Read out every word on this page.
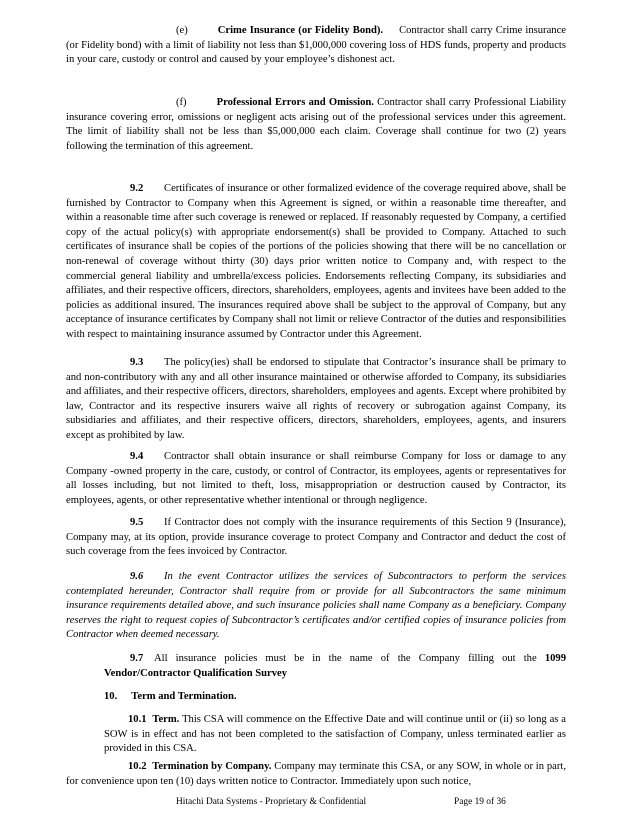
(e)	Crime Insurance (or Fidelity Bond). Contractor shall carry Crime insurance (or Fidelity bond) with a limit of liability not less than $1,000,000 covering loss of HDS funds, property and products in your care, custody or control and caused by your employee’s dishonest act.

(f)	Professional Errors and Omission. Contractor shall carry Professional Liability insurance covering error, omissions or negligent acts arising out of the professional services under this agreement. The limit of liability shall not be less than $5,000,000 each claim. Coverage shall continue for two (2) years following the termination of this agreement.

9.2 Certificates of insurance or other formalized evidence of the coverage required above, shall be furnished by Contractor to Company when this Agreement is signed, or within a reasonable time thereafter, and within a reasonable time after such coverage is renewed or replaced. If reasonably requested by Company, a certified copy of the actual policy(s) with appropriate endorsement(s) shall be provided to Company. Attached to such certificates of insurance shall be copies of the portions of the policies showing that there will be no cancellation or non-renewal of coverage without thirty (30) days prior written notice to Company and, with respect to the commercial general liability and umbrella/excess policies. Endorsements reflecting Company, its subsidiaries and affiliates, and their respective officers, directors, shareholders, employees, agents and invitees have been added to the policies as additional insured. The insurances required above shall be subject to the approval of Company, but any acceptance of insurance certificates by Company shall not limit or relieve Contractor of the duties and responsibilities with respect to maintaining insurance assumed by Contractor under this Agreement.

9.3 The policy(ies) shall be endorsed to stipulate that Contractor’s insurance shall be primary to and non-contributory with any and all other insurance maintained or otherwise afforded to Company, its subsidiaries and affiliates, and their respective officers, directors, shareholders, employees and agents. Except where prohibited by law, Contractor and its respective insurers waive all rights of recovery or subrogation against Company, its subsidiaries and affiliates, and their respective officers, directors, shareholders, employees, agents, and insurers except as prohibited by law.

9.4 Contractor shall obtain insurance or shall reimburse Company for loss or damage to any Company -owned property in the care, custody, or control of Contractor, its employees, agents or representatives for all losses including, but not limited to theft, loss, misappropriation or destruction caused by Contractor, its employees, agents, or other representative whether intentional or through negligence.

9.5 If Contractor does not comply with the insurance requirements of this Section 9 (Insurance), Company may, at its option, provide insurance coverage to protect Company and Contractor and deduct the cost of such coverage from the fees invoiced by Contractor.

9.6 In the event Contractor utilizes the services of Subcontractors to perform the services contemplated hereunder, Contractor shall require from or provide for all Subcontractors the same minimum insurance requirements detailed above, and such insurance policies shall name Company as a beneficiary. Company reserves the right to request copies of Subcontractor’s certificates and/or certified copies of insurance policies from Contractor when deemed necessary.

9.7 All insurance policies must be in the name of the Company filling out the 1099 Vendor/Contractor Qualification Survey

10. Term and Termination.

10.1 Term. This CSA will commence on the Effective Date and will continue until or (ii) so long as a SOW is in effect and has not been completed to the satisfaction of Company, unless terminated earlier as provided in this CSA.

10.2 Termination by Company. Company may terminate this CSA, or any SOW, in whole or in part, for convenience upon ten (10) days written notice to Contractor. Immediately upon such notice,

Hitachi Data Systems - Proprietary & Confidential	Page 19 of 36
